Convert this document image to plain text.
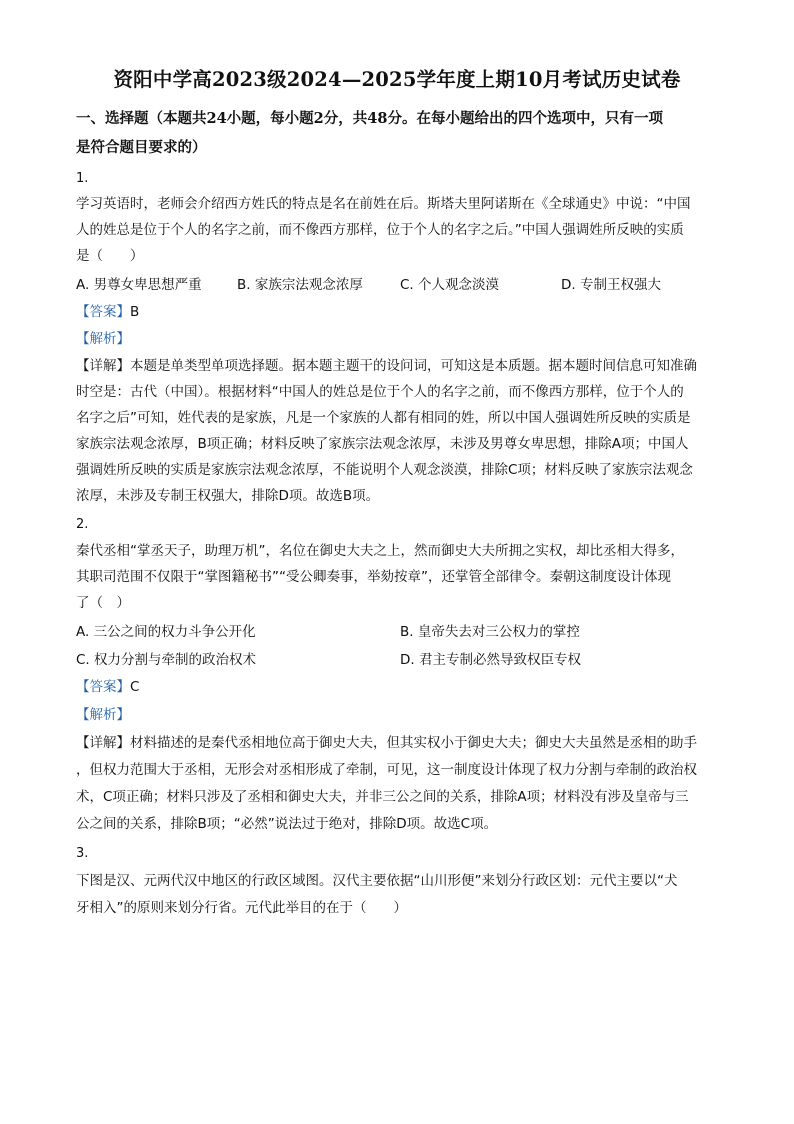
资阳中学高2023级2024—2025学年度上期10月考试历史试卷
一、选择题（本题共24小题，每小题2分，共48分。在每小题给出的四个选项中，只有一项
是符合题目要求的）
1.
学习英语时，老师会介绍西方姓氏的特点是名在前姓在后。斯塔夫里阿诺斯在《全球通史》中说：“中国
人的姓总是位于个人的名字之前，而不像西方那样，位于个人的名字之后。”中国人强调姓所反映的实质
是（　　）
A. 男尊女卑思想严重	B. 家族宗法观念浓厚	C. 个人观念淡漠	D. 专制王权强大
【答案】B
【解析】
【详解】本题是单类型单项选择题。据本题主题干的设问词，可知这是本质题。据本题时间信息可知准确
时空是：古代（中国）。根据材料“中国人的姓总是位于个人的名字之前，而不像西方那样，位于个人的
名字之后”可知，姓代表的是家族，凡是一个家族的人都有相同的姓，所以中国人强调姓所反映的实质是
家族宗法观念浓厚，B项正确；材料反映了家族宗法观念浓厚，未涉及男尊女卑思想，排除A项；中国人
强调姓所反映的实质是家族宗法观念浓厚，不能说明个人观念淡漠，排除C项；材料反映了家族宗法观念
浓厚，未涉及专制王权强大，排除D项。故选B项。
2.
秦代丞相“掌丞天子，助理万机”，名位在御史大夫之上，然而御史大夫所拥之实权，却比丞相大得多，
其职司范围不仅限于“掌图籍秘书”“受公卿奏事，举劾按章”，还掌管全部律令。秦朝这制度设计体现
了（　）
A. 三公之间的权力斗争公开化	B. 皇帝失去对三公权力的掌控
C. 权力分割与牵制的政治权术	D. 君主专制必然导致权臣专权
【答案】C
【解析】
【详解】材料描述的是秦代丞相地位高于御史大夫，但其实权小于御史大夫；御史大夫虽然是丞相的助手
，但权力范围大于丞相，无形会对丞相形成了牵制，可见，这一制度设计体现了权力分割与牵制的政治权
术，C项正确；材料只涉及了丞相和御史大夫，并非三公之间的关系，排除A项；材料没有涉及皇帝与三
公之间的关系，排除B项；“必然”说法过于绝对，排除D项。故选C项。
3.
下图是汉、元两代汉中地区的行政区域图。汉代主要依据“山川形便”来划分行政区划：元代主要以“犬
牙相入”的原则来划分行省。元代此举目的在于（　　）
